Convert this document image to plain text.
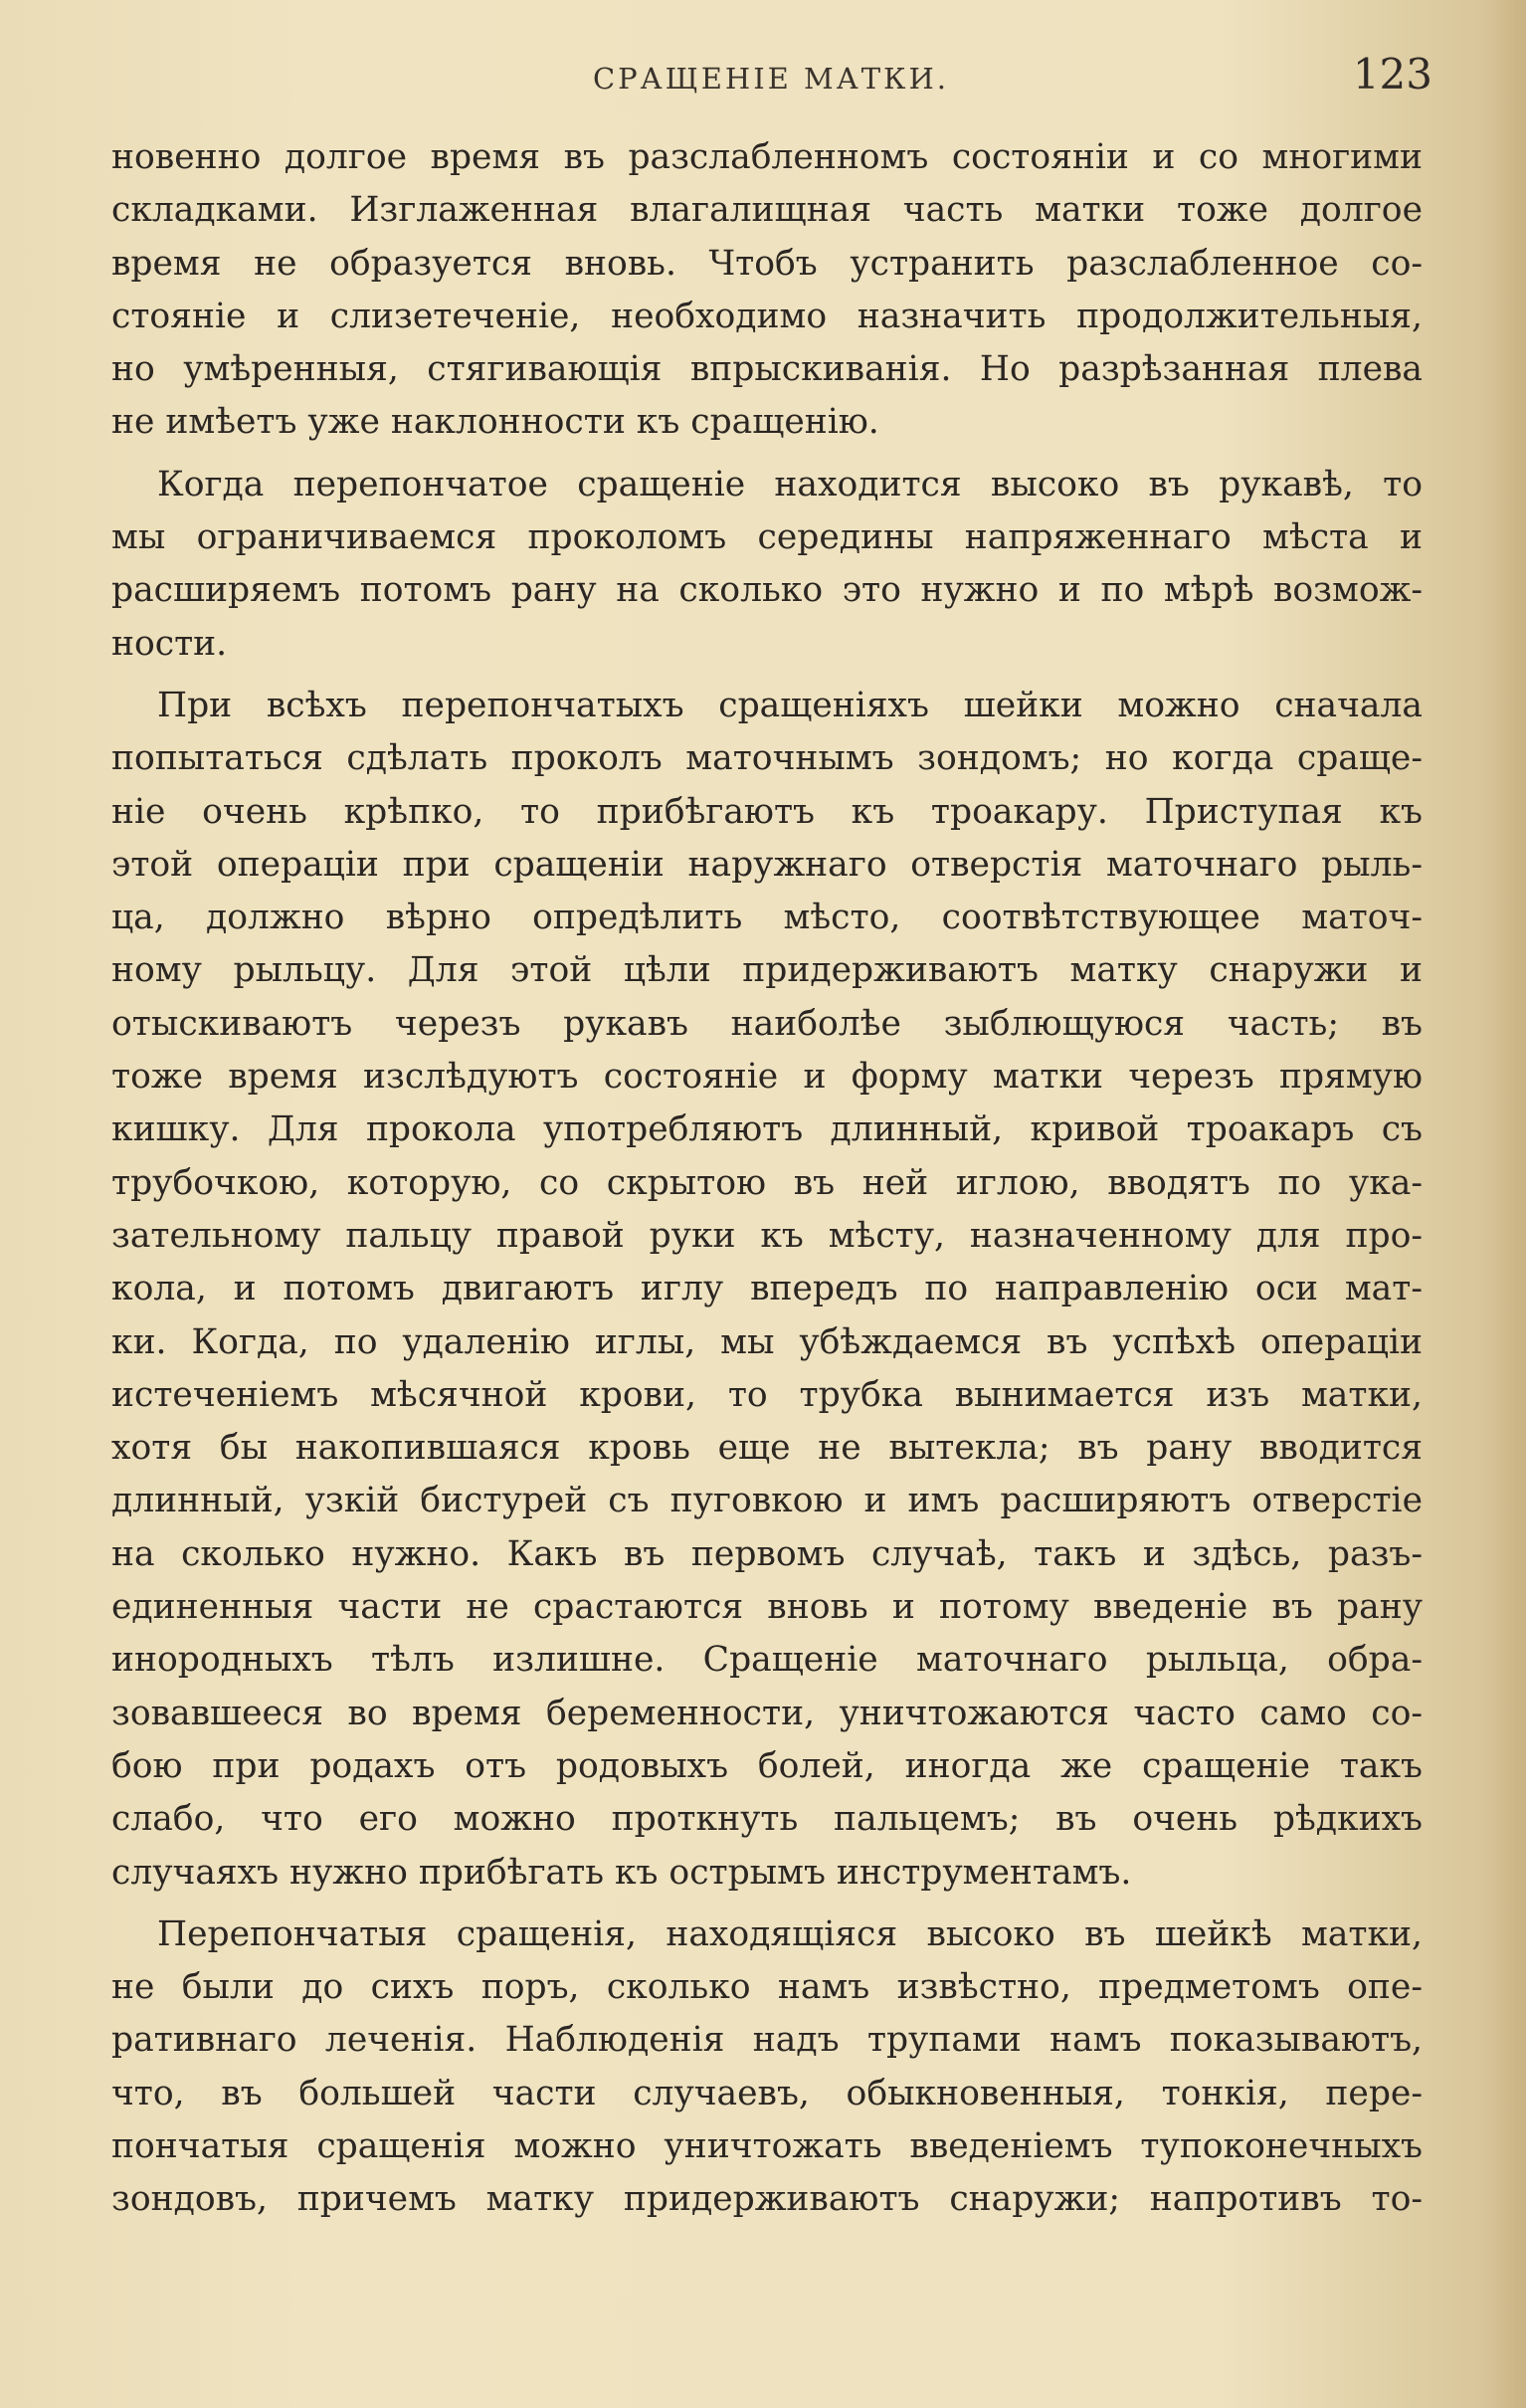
СРАЩЕНІЕ МАТКИ.	123
новенно долгое время въ разслабленномъ состояніи и со многими
складками. Изглаженная влагалищная часть матки тоже долгое
время не образуется вновь. Чтобъ устранить разслабленное со-
стояніе и слизетеченіе, необходимо назначить продолжительныя,
но умѣренныя, стягивающія впрыскиванія. Но разрѣзанная плева
не имѣетъ уже наклонности къ сращенію.
Когда перепончатое сращеніе находится высоко въ рукавѣ, то
мы ограничиваемся проколомъ середины напряженнаго мѣста и
расширяемъ потомъ рану на сколько это нужно и по мѣрѣ возмож-
ности.
При всѣхъ перепончатыхъ сращеніяхъ шейки можно сначала
попытаться сдѣлать проколъ маточнымъ зондомъ; но когда сраще-
ніе очень крѣпко, то прибѣгаютъ къ троакару. Приступая къ
этой операціи при сращеніи наружнаго отверстія маточнаго рыль-
ца, должно вѣрно опредѣлить мѣсто, соотвѣтствующее маточ-
ному рыльцу. Для этой цѣли придерживаютъ матку снаружи и
отыскиваютъ черезъ рукавъ наиболѣе зыблющуюся часть; въ
тоже время изслѣдуютъ состояніе и форму матки черезъ прямую
кишку. Для прокола употребляютъ длинный, кривой троакаръ съ
трубочкою, которую, со скрытою въ ней иглою, вводятъ по ука-
зательному пальцу правой руки къ мѣсту, назначенному для про-
кола, и потомъ двигаютъ иглу впередъ по направленію оси мат-
ки. Когда, по удаленію иглы, мы убѣждаемся въ успѣхѣ операціи
истеченіемъ мѣсячной крови, то трубка вынимается изъ матки,
хотя бы накопившаяся кровь еще не вытекла; въ рану вводится
длинный, узкій бистурей съ пуговкою и имъ расширяютъ отверстіе
на сколько нужно. Какъ въ первомъ случаѣ, такъ и здѣсь, разъ-
единенныя части не срастаются вновь и потому введеніе въ рану
инородныхъ тѣлъ излишне. Сращеніе маточнаго рыльца, обра-
зовавшееся во время беременности, уничтожаются часто само со-
бою при родахъ отъ родовыхъ болей, иногда же сращеніе такъ
слабо, что его можно проткнуть пальцемъ; въ очень рѣдкихъ
случаяхъ нужно прибѣгать къ острымъ инструментамъ.
Перепончатыя сращенія, находящіяся высоко въ шейкѣ матки,
не были до сихъ поръ, сколько намъ извѣстно, предметомъ опе-
ративнаго леченія. Наблюденія надъ трупами намъ показываютъ,
что, въ большей части случаевъ, обыкновенныя, тонкія, пере-
пончатыя сращенія можно уничтожать введеніемъ тупоконечныхъ
зондовъ, причемъ матку придерживаютъ снаружи; напротивъ то-
